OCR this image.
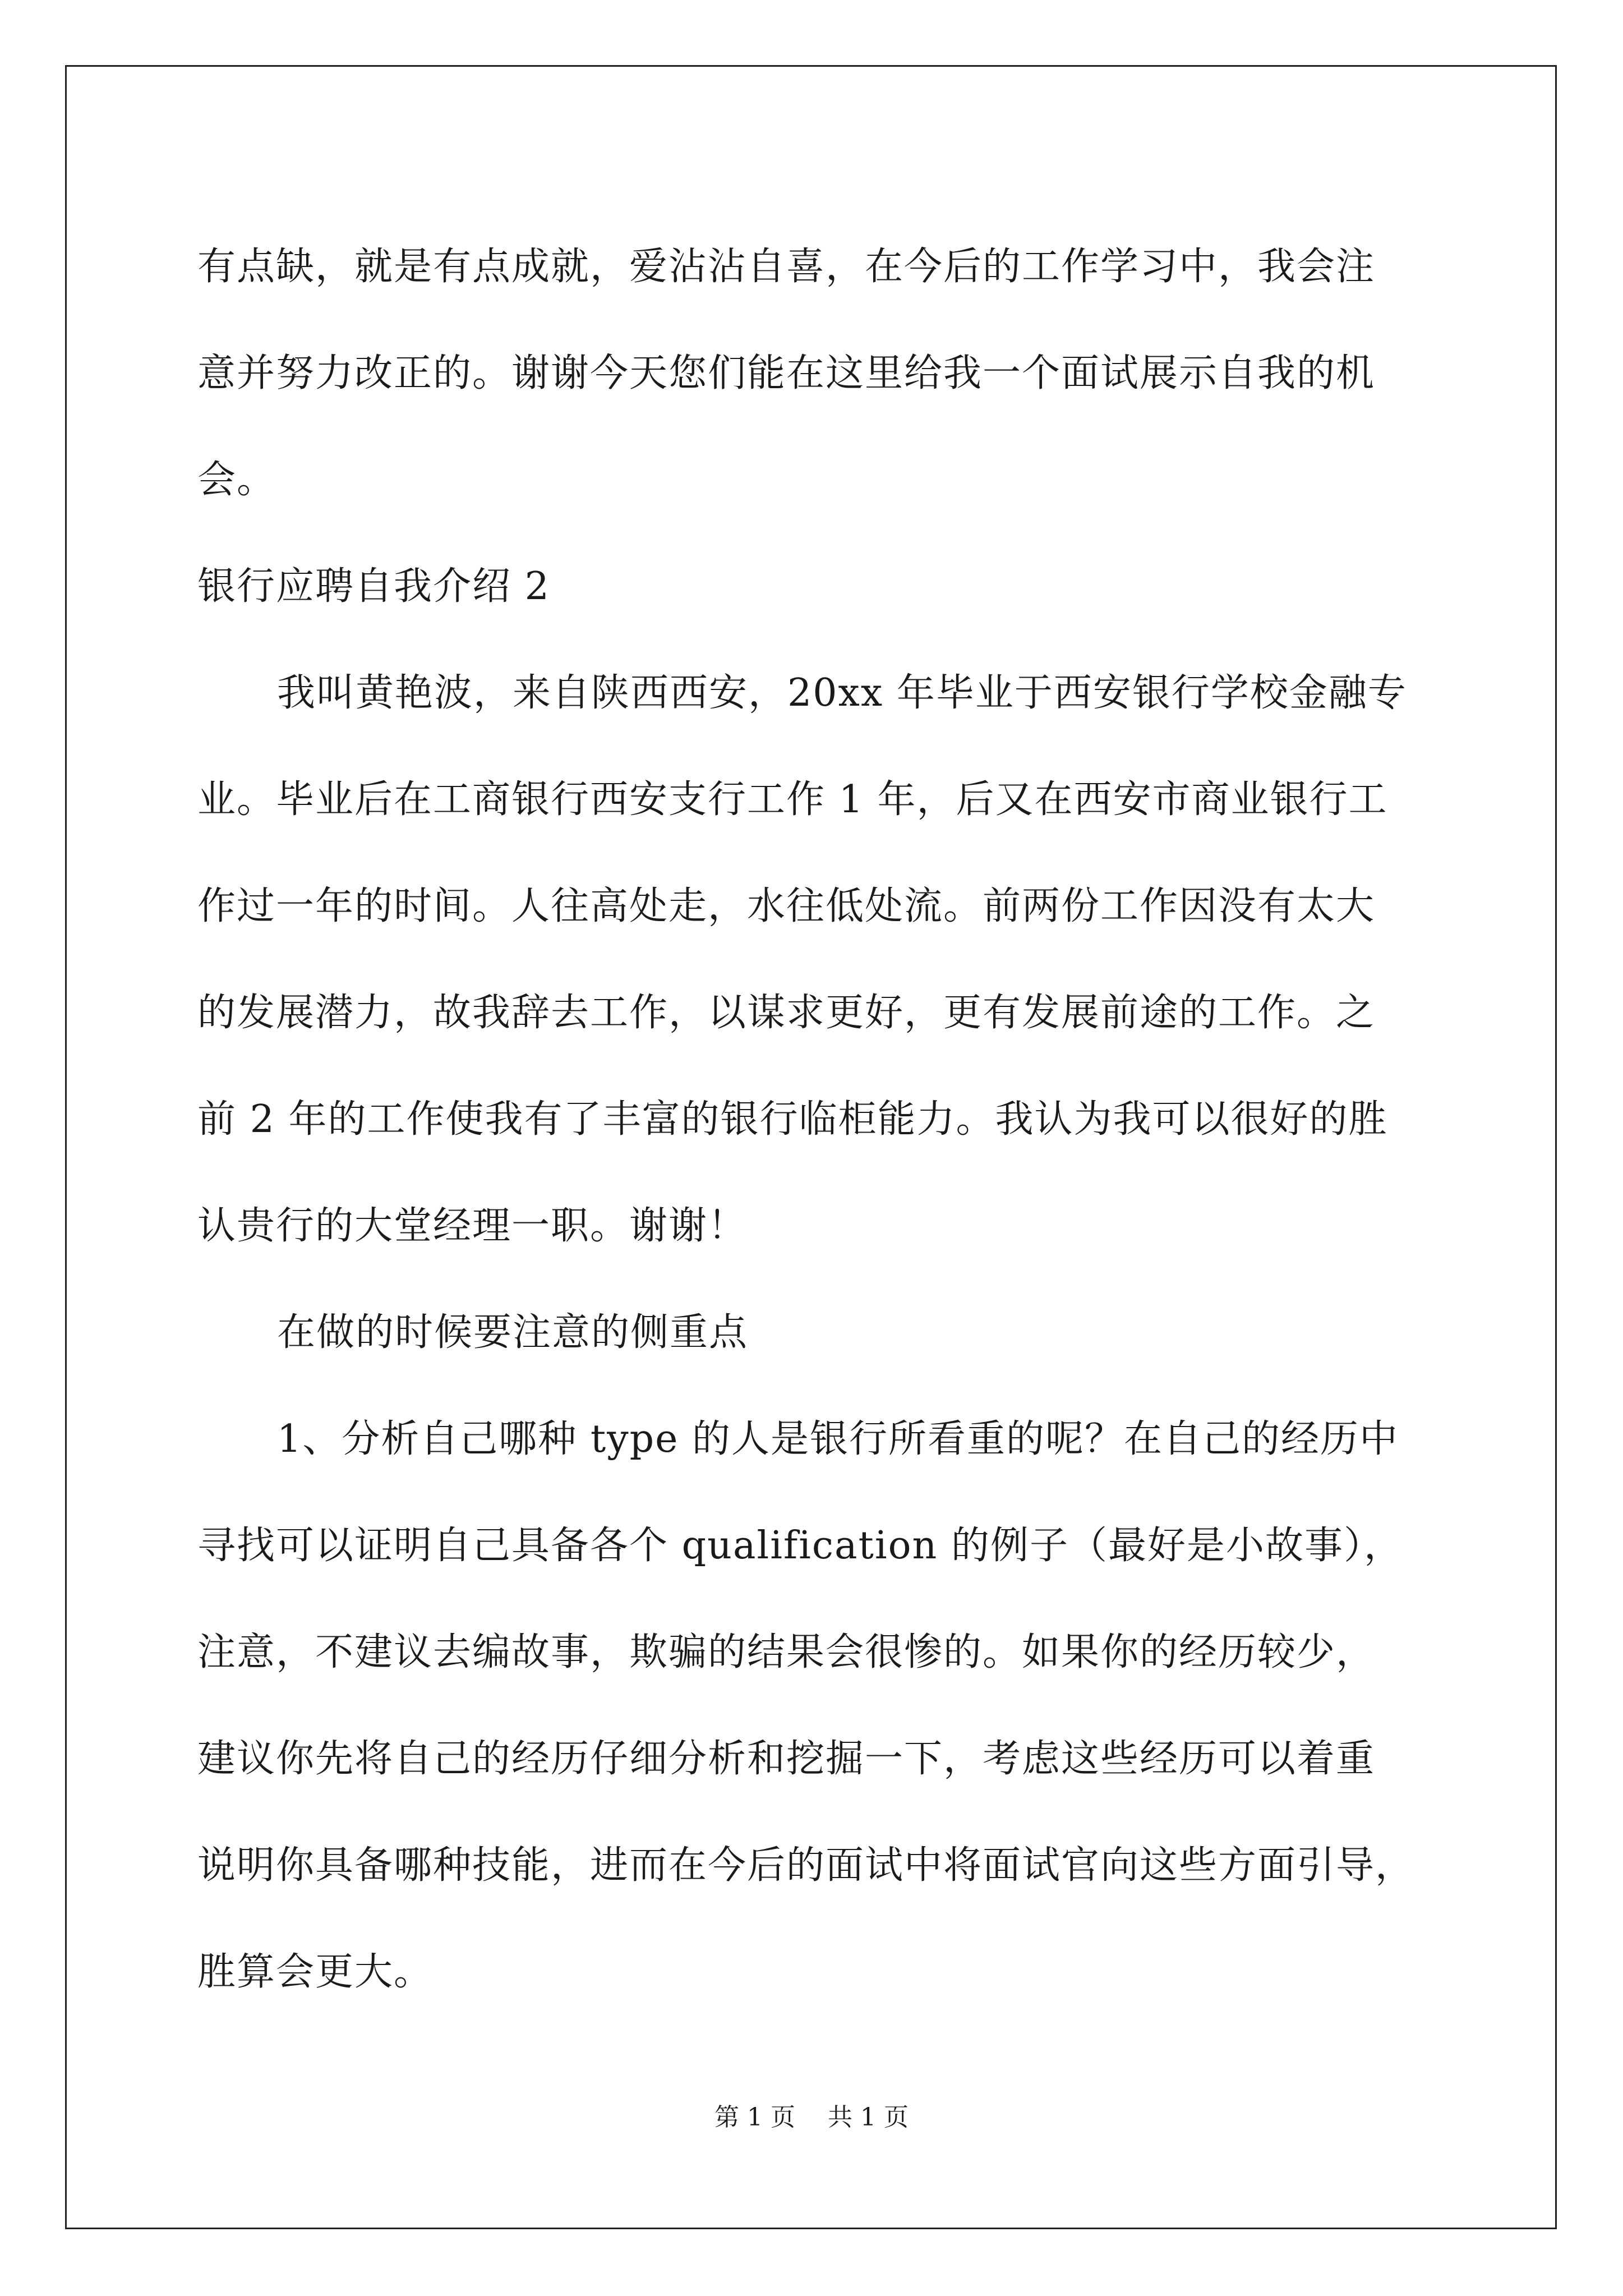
有点缺，就是有点成就，爱沾沾自喜，在今后的工作学习中，我会注
意并努力改正的。谢谢今天您们能在这里给我一个面试展示自我的机
会。
银行应聘自我介绍 2
我叫黄艳波，来自陕西西安，20xx 年毕业于西安银行学校金融专
业。毕业后在工商银行西安支行工作 1 年，后又在西安市商业银行工
作过一年的时间。人往高处走，水往低处流。前两份工作因没有太大
的发展潜力，故我辞去工作，以谋求更好，更有发展前途的工作。之
前 2 年的工作使我有了丰富的银行临柜能力。我认为我可以很好的胜
认贵行的大堂经理一职。谢谢！
在做的时候要注意的侧重点
1、分析自己哪种 type 的人是银行所看重的呢？在自己的经历中
寻找可以证明自己具备各个 qualification 的例子（最好是小故事），
注意，不建议去编故事，欺骗的结果会很惨的。如果你的经历较少，
建议你先将自己的经历仔细分析和挖掘一下，考虑这些经历可以着重
说明你具备哪种技能，进而在今后的面试中将面试官向这些方面引导，
胜算会更大。
第 1 页 共 1 页
